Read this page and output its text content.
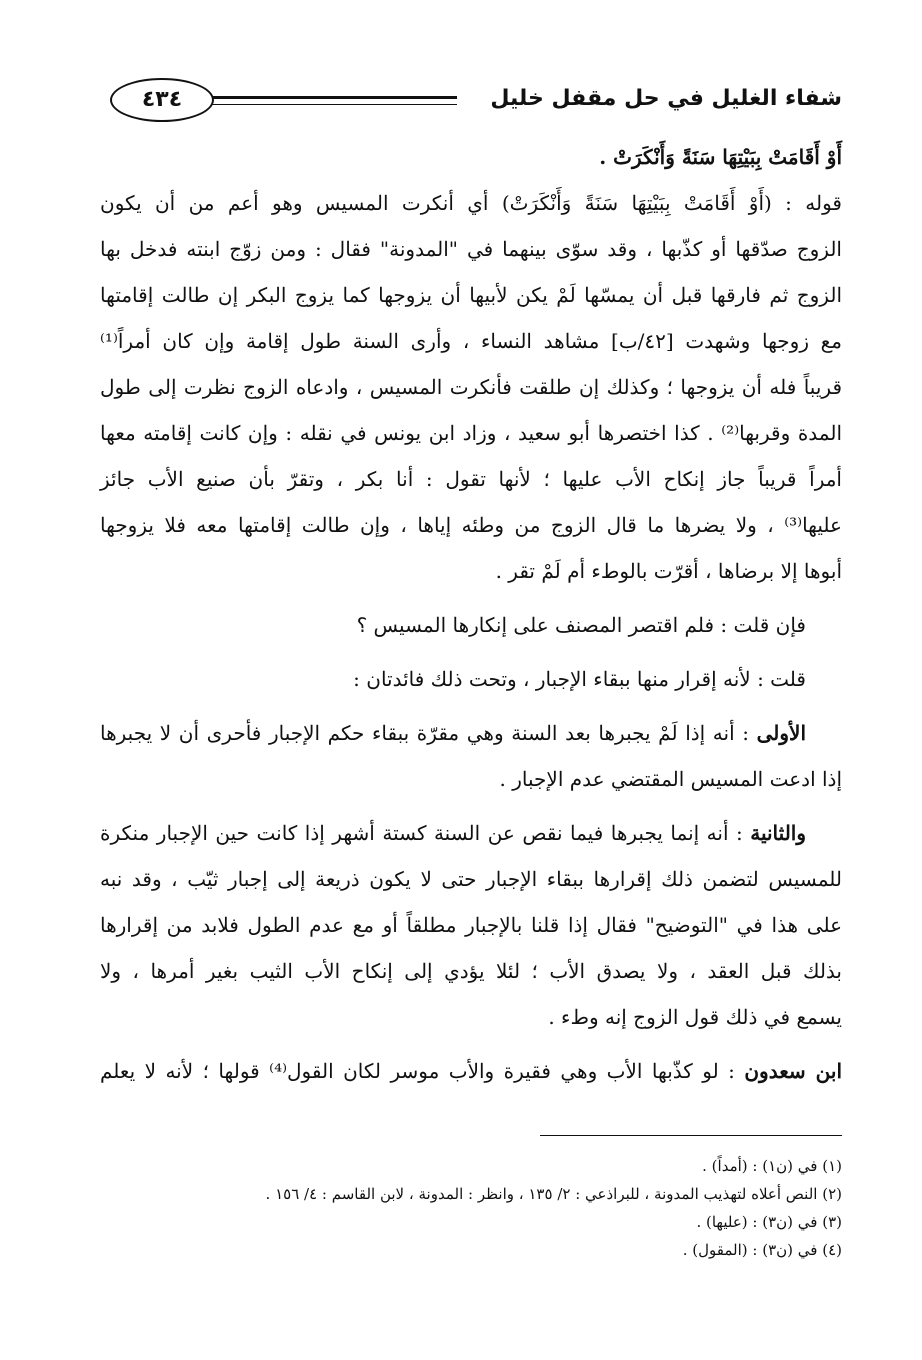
شفاء الغليل في حل مقفل خليل
٤٣٤
أَوْ أَقَامَتْ بِبَيْتِهَا سَنَةً وَأَنْكَرَتْ .
قوله : (أَوْ أَقَامَتْ بِبَيْتِهَا سَنَةً وَأَنْكَرَتْ) أي أنكرت المسيس وهو أعم من أن يكون
الزوج صدّقها أو كذّبها ، وقد سوّى بينهما في "المدونة" فقال : ومن زوّج ابنته فدخل بها
الزوج ثم فارقها قبل أن يمسّها لَمْ يكن لأبيها أن يزوجها كما يزوج البكر إن طالت إقامتها
مع زوجها وشهدت [٤٢/ب] مشاهد النساء ، وأرى السنة طول إقامة وإن كان أمراً⁽¹⁾
قريباً فله أن يزوجها ؛ وكذلك إن طلقت فأنكرت المسيس ، وادعاه الزوج نظرت إلى طول
المدة وقربها⁽²⁾ . كذا اختصرها أبو سعيد ، وزاد ابن يونس في نقله : وإن كانت إقامته معها
أمراً قريباً جاز إنكاح الأب عليها ؛ لأنها تقول : أنا بكر ، وتقرّ بأن صنيع الأب جائز
عليها⁽³⁾ ، ولا يضرها ما قال الزوج من وطئه إياها ، وإن طالت إقامتها معه فلا يزوجها
أبوها إلا برضاها ، أقرّت بالوطء أم لَمْ تقر .
فإن قلت : فلم اقتصر المصنف على إنكارها المسيس ؟
قلت : لأنه إقرار منها ببقاء الإجبار ، وتحت ذلك فائدتان :
الأولى : أنه إذا لَمْ يجبرها بعد السنة وهي مقرّة ببقاء حكم الإجبار فأحرى أن لا يجبرها
إذا ادعت المسيس المقتضي عدم الإجبار .
والثانية : أنه إنما يجبرها فيما نقص عن السنة كستة أشهر إذا كانت حين الإجبار منكرة
للمسيس لتضمن ذلك إقرارها ببقاء الإجبار حتى لا يكون ذريعة إلى إجبار ثيّب ، وقد نبه
على هذا في "التوضيح" فقال إذا قلنا بالإجبار مطلقاً أو مع عدم الطول فلابد من إقرارها
بذلك قبل العقد ، ولا يصدق الأب ؛ لئلا يؤدي إلى إنكاح الأب الثيب بغير أمرها ، ولا
يسمع في ذلك قول الزوج إنه وطء .
ابن سعدون : لو كذّبها الأب وهي فقيرة والأب موسر لكان القول⁽⁴⁾ قولها ؛ لأنه لا يعلم
(١) في (ن١) : (أمداً) .
(٢) النص أعلاه لتهذيب المدونة ، للبراذعي : ٢/ ١٣٥ ، وانظر : المدونة ، لابن القاسم : ٤/ ١٥٦ .
(٣) في (ن٣) : (عليها) .
(٤) في (ن٣) : (المقول) .
